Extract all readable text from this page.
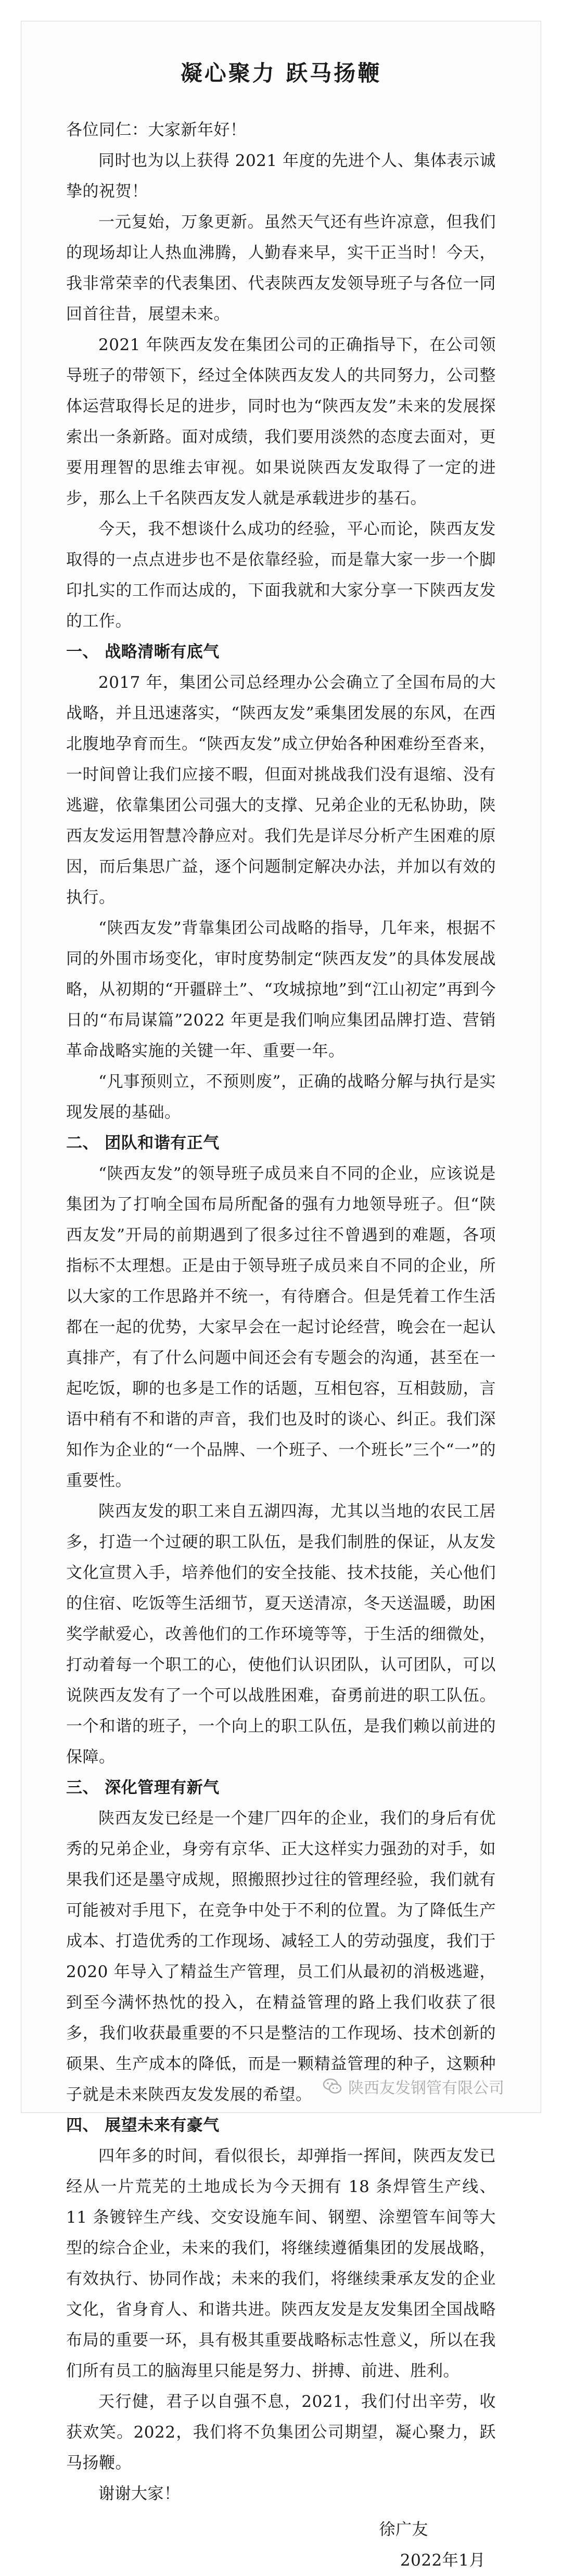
凝心聚力 跃马扬鞭

各位同仁：大家新年好！

同时也为以上获得 2021 年度的先进个人、集体表示诚挚的祝贺！

一元复始，万象更新。虽然天气还有些许凉意，但我们的现场却让人热血沸腾，人勤春来早，实干正当时！今天，我非常荣幸的代表集团、代表陕西友发领导班子与各位一同回首往昔，展望未来。

2021 年陕西友发在集团公司的正确指导下，在公司领导班子的带领下，经过全体陕西友发人的共同努力，公司整体运营取得长足的进步，同时也为“陕西友发”未来的发展探索出一条新路。面对成绩，我们要用淡然的态度去面对，更要用理智的思维去审视。如果说陕西友发取得了一定的进步，那么上千名陕西友发人就是承载进步的基石。

今天，我不想谈什么成功的经验，平心而论，陕西友发取得的一点点进步也不是依靠经验，而是靠大家一步一个脚印扎实的工作而达成的，下面我就和大家分享一下陕西友发的工作。

一、 战略清晰有底气

2017 年，集团公司总经理办公会确立了全国布局的大战略，并且迅速落实，“陕西友发”乘集团发展的东风，在西北腹地孕育而生。“陕西友发”成立伊始各种困难纷至沓来，一时间曾让我们应接不暇，但面对挑战我们没有退缩、没有逃避，依靠集团公司强大的支撑、兄弟企业的无私协助，陕西友发运用智慧冷静应对。我们先是详尽分析产生困难的原因，而后集思广益，逐个问题制定解决办法，并加以有效的执行。

“陕西友发”背靠集团公司战略的指导，几年来，根据不同的外围市场变化，审时度势制定“陕西友发”的具体发展战略，从初期的“开疆辟土”、“攻城掠地”到“江山初定”再到今日的“布局谋篇”2022 年更是我们响应集团品牌打造、营销革命战略实施的关键一年、重要一年。

“凡事预则立，不预则废”，正确的战略分解与执行是实现发展的基础。

二、 团队和谐有正气

“陕西友发”的领导班子成员来自不同的企业，应该说是集团为了打响全国布局所配备的强有力地领导班子。但“陕西友发”开局的前期遇到了很多过往不曾遇到的难题，各项指标不太理想。正是由于领导班子成员来自不同的企业，所以大家的工作思路并不统一，有待磨合。但是凭着工作生活都在一起的优势，大家早会在一起讨论经营，晚会在一起认真排产，有了什么问题中间还会有专题会的沟通，甚至在一起吃饭，聊的也多是工作的话题，互相包容，互相鼓励，言语中稍有不和谐的声音，我们也及时的谈心、纠正。我们深知作为企业的“一个品牌、一个班子、一个班长”三个“一”的重要性。

陕西友发的职工来自五湖四海，尤其以当地的农民工居多，打造一个过硬的职工队伍，是我们制胜的保证，从友发文化宣贯入手，培养他们的安全技能、技术技能，关心他们的住宿、吃饭等生活细节，夏天送清凉，冬天送温暖，助困奖学献爱心，改善他们的工作环境等等，于生活的细微处，打动着每一个职工的心，使他们认识团队，认可团队，可以说陕西友发有了一个可以战胜困难，奋勇前进的职工队伍。一个和谐的班子，一个向上的职工队伍，是我们赖以前进的保障。

三、 深化管理有新气

陕西友发已经是一个建厂四年的企业，我们的身后有优秀的兄弟企业，身旁有京华、正大这样实力强劲的对手，如果我们还是墨守成规，照搬照抄过往的管理经验，我们就有可能被对手甩下，在竞争中处于不利的位置。为了降低生产成本、打造优秀的工作现场、减轻工人的劳动强度，我们于 2020 年导入了精益生产管理，员工们从最初的消极逃避，到至今满怀热忱的投入，在精益管理的路上我们收获了很多，我们收获最重要的不只是整洁的工作现场、技术创新的硕果、生产成本的降低，而是一颗精益管理的种子，这颗种子就是未来陕西友发发展的希望。

四、 展望未来有豪气

四年多的时间，看似很长，却弹指一挥间，陕西友发已经从一片荒芜的土地成长为今天拥有 18 条焊管生产线、11 条镀锌生产线、交安设施车间、钢塑、涂塑管车间等大型的综合企业，未来的我们，将继续遵循集团的发展战略，有效执行、协同作战；未来的我们，将继续秉承友发的企业文化，省身育人、和谐共进。陕西友发是友发集团全国战略布局的重要一环，具有极其重要战略标志性意义，所以在我们所有员工的脑海里只能是努力、拼搏、前进、胜利。

天行健，君子以自强不息，2021，我们付出辛劳，收获欢笑。2022，我们将不负集团公司期望，凝心聚力，跃马扬鞭。

谢谢大家！

徐广友

2022年1月

陕西友发钢管有限公司
